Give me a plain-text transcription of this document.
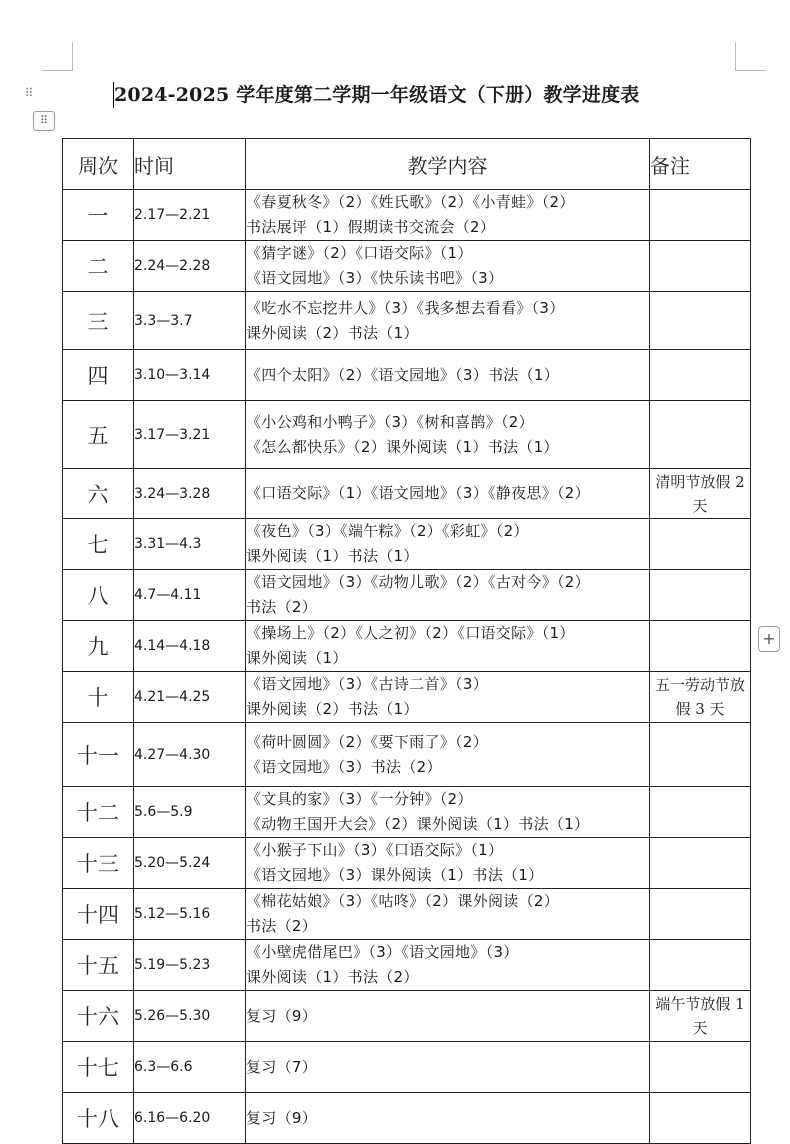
⠿
⠿
+
2024-2025 学年度第二学期一年级语文（下册）教学进度表
周次	时间	教学内容	备注
一	2.17—2.21	《春夏秋冬》（2）《姓氏歌》（2）《小青蛙》（2）
书法展评（1）假期读书交流会（2）	
二	2.24—2.28	《猜字谜》（2）《口语交际》（1）
《语文园地》（3）《快乐读书吧》（3）	
三	3.3—3.7	《吃水不忘挖井人》（3）《我多想去看看》（3）
课外阅读（2）书法（1）	
四	3.10—3.14	《四个太阳》（2）《语文园地》（3）书法（1）	
五	3.17—3.21	《小公鸡和小鸭子》（3）《树和喜鹊》（2）
《怎么都快乐》（2）课外阅读（1）书法（1）	
六	3.24—3.28	《口语交际》（1）《语文园地》（3）《静夜思》（2）	清明节放假 2 天
七	3.31—4.3	《夜色》（3）《端午粽》（2）《彩虹》（2）
课外阅读（1）书法（1）	
八	4.7—4.11	《语文园地》（3）《动物儿歌》（2）《古对今》（2）
书法（2）	
九	4.14—4.18	《操场上》（2）《人之初》（2）《口语交际》（1）
课外阅读（1）	
十	4.21—4.25	《语文园地》（3）《古诗二首》（3）
课外阅读（2）书法（1）	五一劳动节放假 3 天
十一	4.27—4.30	《荷叶圆圆》（2）《要下雨了》（2）
《语文园地》（3）书法（2）	
十二	5.6—5.9	《文具的家》（3）《一分钟》（2）
《动物王国开大会》（2）课外阅读（1）书法（1）	
十三	5.20—5.24	《小猴子下山》（3）《口语交际》（1）
《语文园地》（3）课外阅读（1）书法（1）	
十四	5.12—5.16	《棉花姑娘》（3）《咕咚》（2）课外阅读（2）
书法（2）	
十五	5.19—5.23	《小壁虎借尾巴》（3）《语文园地》（3）
课外阅读（1）书法（2）	
十六	5.26—5.30	复习（9）	端午节放假 1 天
十七	6.3—6.6	复习（7）	
十八	6.16—6.20	复习（9）	
